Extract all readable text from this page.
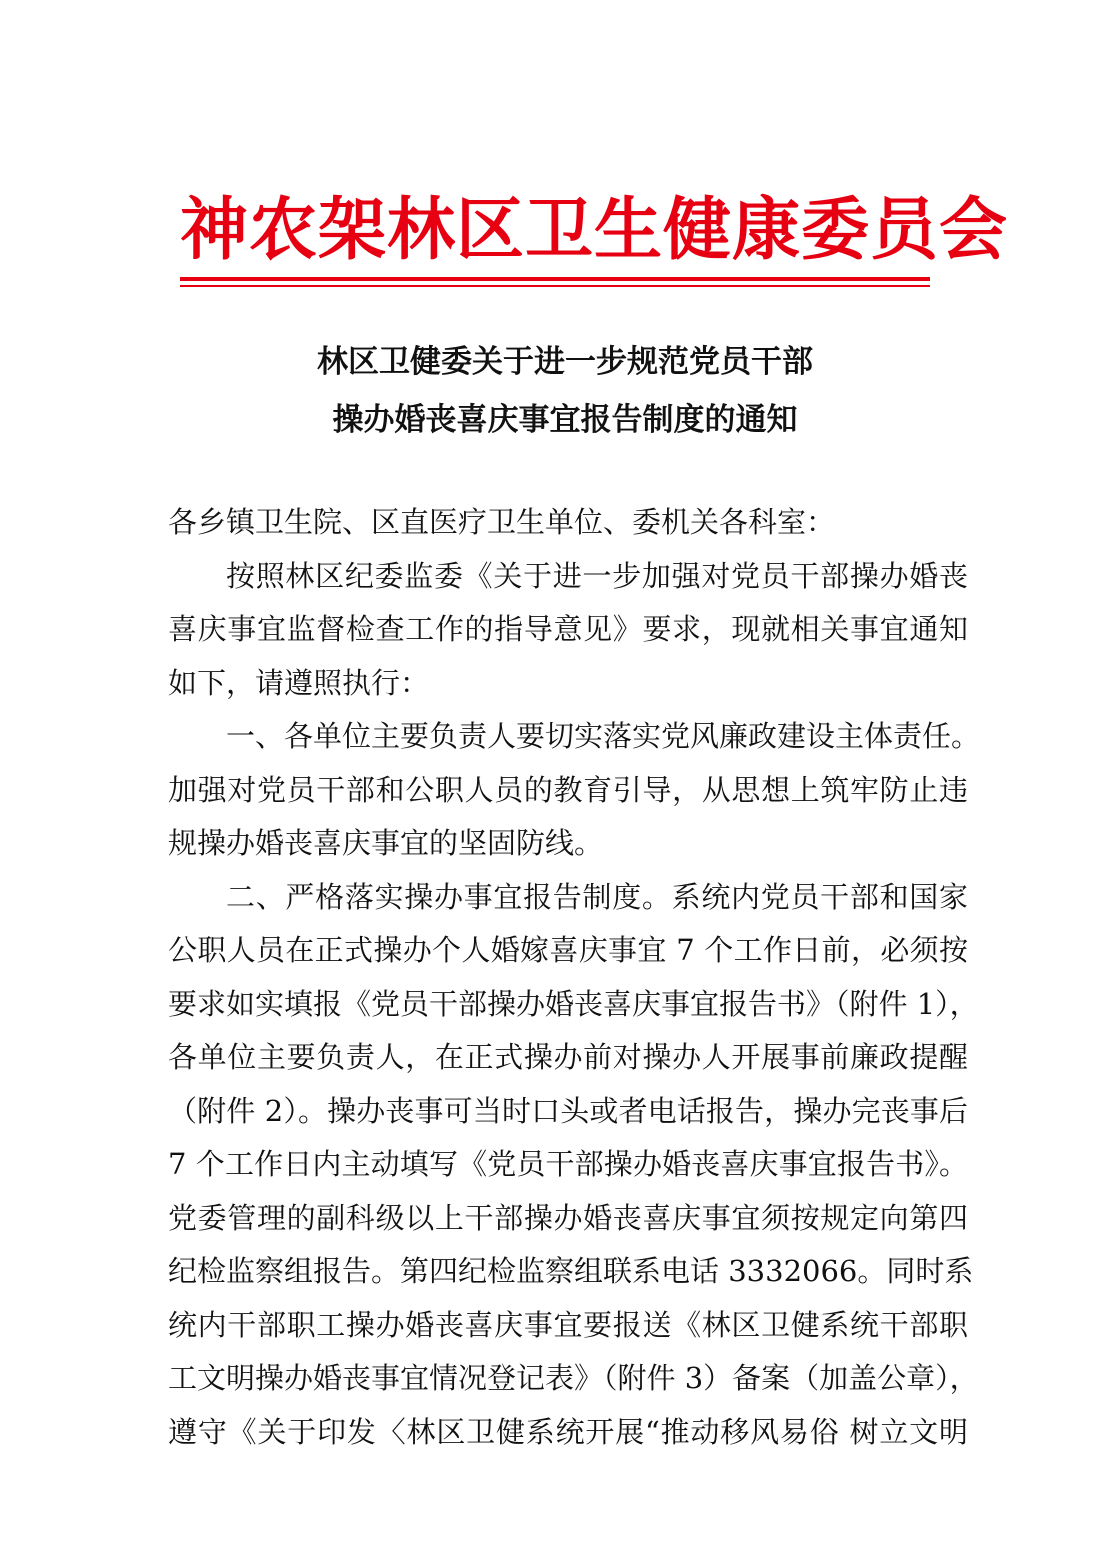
神农架林区卫生健康委员会
林区卫健委关于进一步规范党员干部
操办婚丧喜庆事宜报告制度的通知
各乡镇卫生院、区直医疗卫生单位、委机关各科室：
按照林区纪委监委《关于进一步加强对党员干部操办婚丧
喜庆事宜监督检查工作的指导意见》要求，现就相关事宜通知
如下，请遵照执行：
一、各单位主要负责人要切实落实党风廉政建设主体责任。
加强对党员干部和公职人员的教育引导，从思想上筑牢防止违
规操办婚丧喜庆事宜的坚固防线。
二、严格落实操办事宜报告制度。系统内党员干部和国家
公职人员在正式操办个人婚嫁喜庆事宜 7 个工作日前，必须按
要求如实填报《党员干部操办婚丧喜庆事宜报告书》（附件 1），
各单位主要负责人，在正式操办前对操办人开展事前廉政提醒
（附件 2）。操办丧事可当时口头或者电话报告，操办完丧事后
7 个工作日内主动填写《党员干部操办婚丧喜庆事宜报告书》。
党委管理的副科级以上干部操办婚丧喜庆事宜须按规定向第四
纪检监察组报告。第四纪检监察组联系电话 3332066。同时系
统内干部职工操办婚丧喜庆事宜要报送《林区卫健系统干部职
工文明操办婚丧事宜情况登记表》（附件 3）备案（加盖公章），
遵守《关于印发〈林区卫健系统开展“推动移风易俗 树立文明
